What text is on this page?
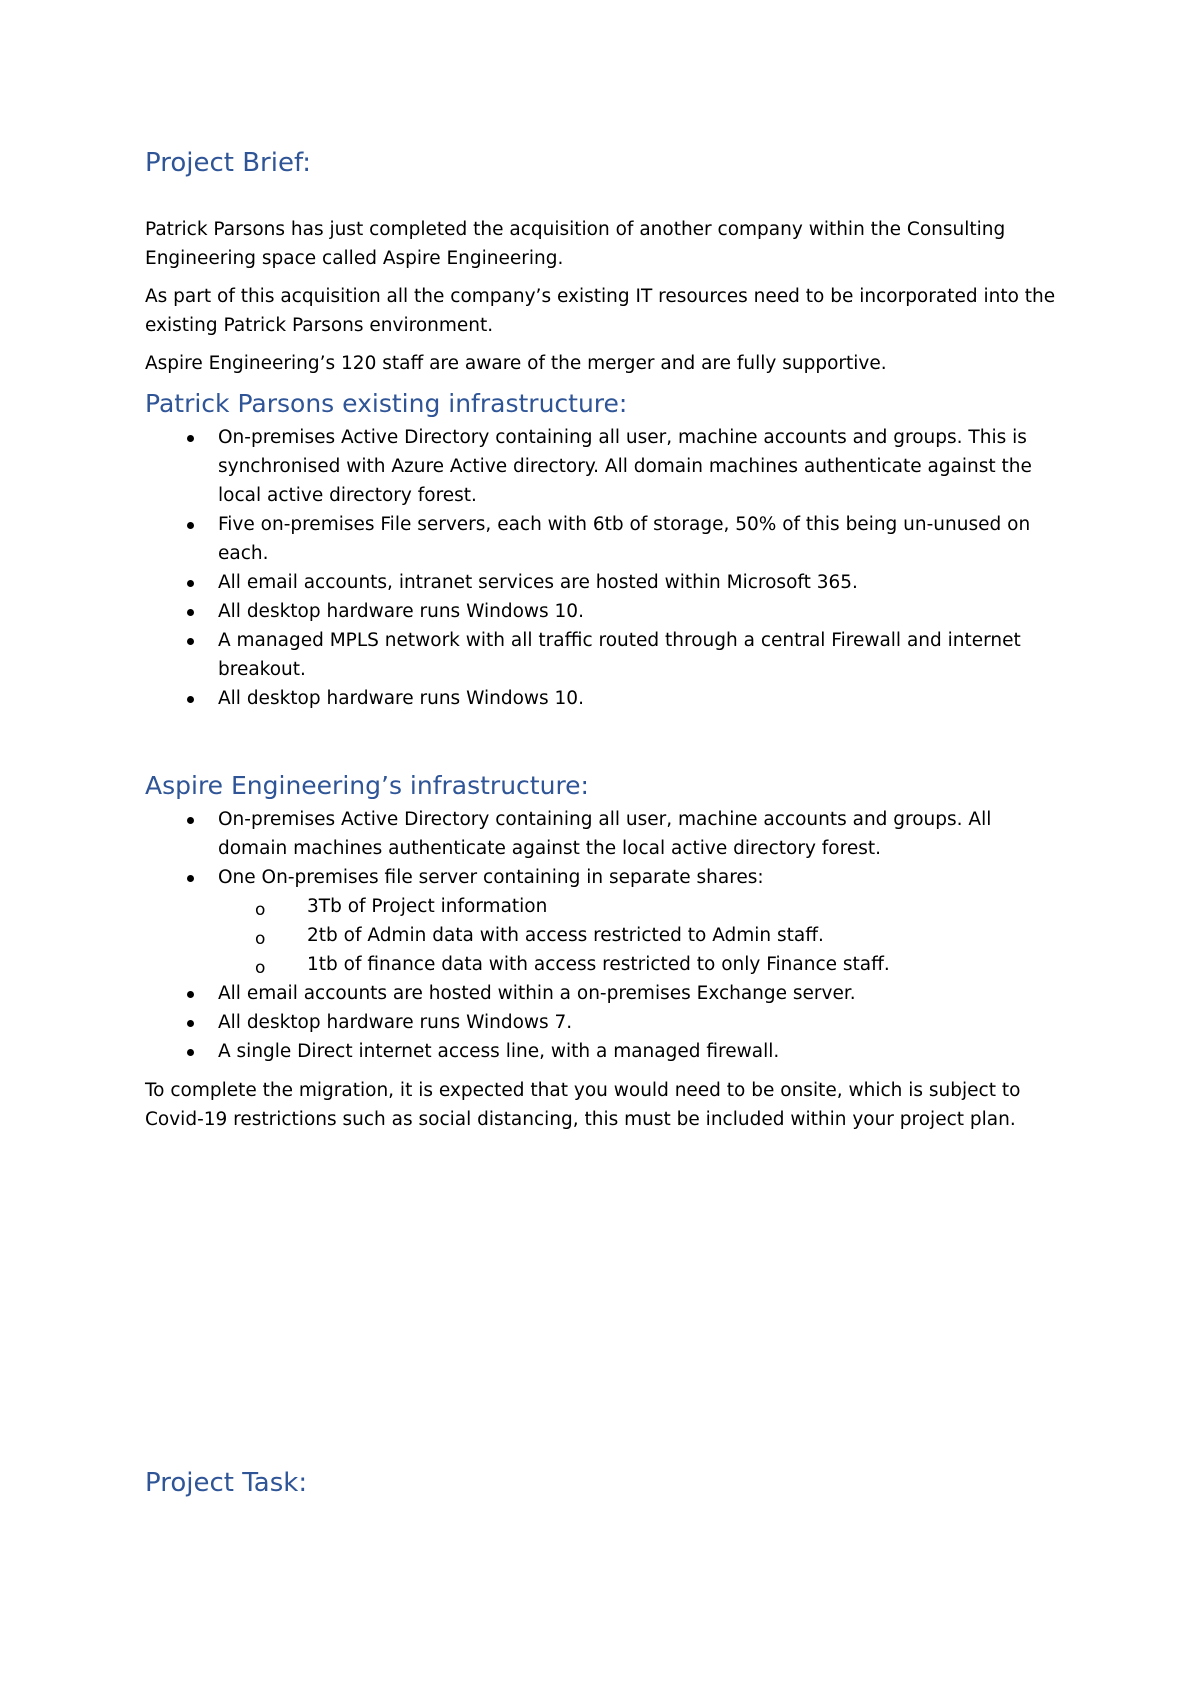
Project Brief:

Patrick Parsons has just completed the acquisition of another company within the Consulting Engineering space called Aspire Engineering.

As part of this acquisition all the company’s existing IT resources need to be incorporated into the existing Patrick Parsons environment.

Aspire Engineering’s 120 staff are aware of the merger and are fully supportive.

Patrick Parsons existing infrastructure:
On-premises Active Directory containing all user, machine accounts and groups. This is synchronised with Azure Active directory. All domain machines authenticate against the local active directory forest.
Five on-premises File servers, each with 6tb of storage, 50% of this being un-unused on each.
All email accounts, intranet services are hosted within Microsoft 365.
All desktop hardware runs Windows 10.
A managed MPLS network with all traffic routed through a central Firewall and internet breakout.
All desktop hardware runs Windows 10.
Aspire Engineering’s infrastructure:
On-premises Active Directory containing all user, machine accounts and groups. All domain machines authenticate against the local active directory forest.
One On-premises file server containing in separate shares:
o 3Tb of Project information
o 2tb of Admin data with access restricted to Admin staff.
o 1tb of finance data with access restricted to only Finance staff.
All email accounts are hosted within a on-premises Exchange server.
All desktop hardware runs Windows 7.
A single Direct internet access line, with a managed firewall.

To complete the migration, it is expected that you would need to be onsite, which is subject to Covid-19 restrictions such as social distancing, this must be included within your project plan.

Project Task:
